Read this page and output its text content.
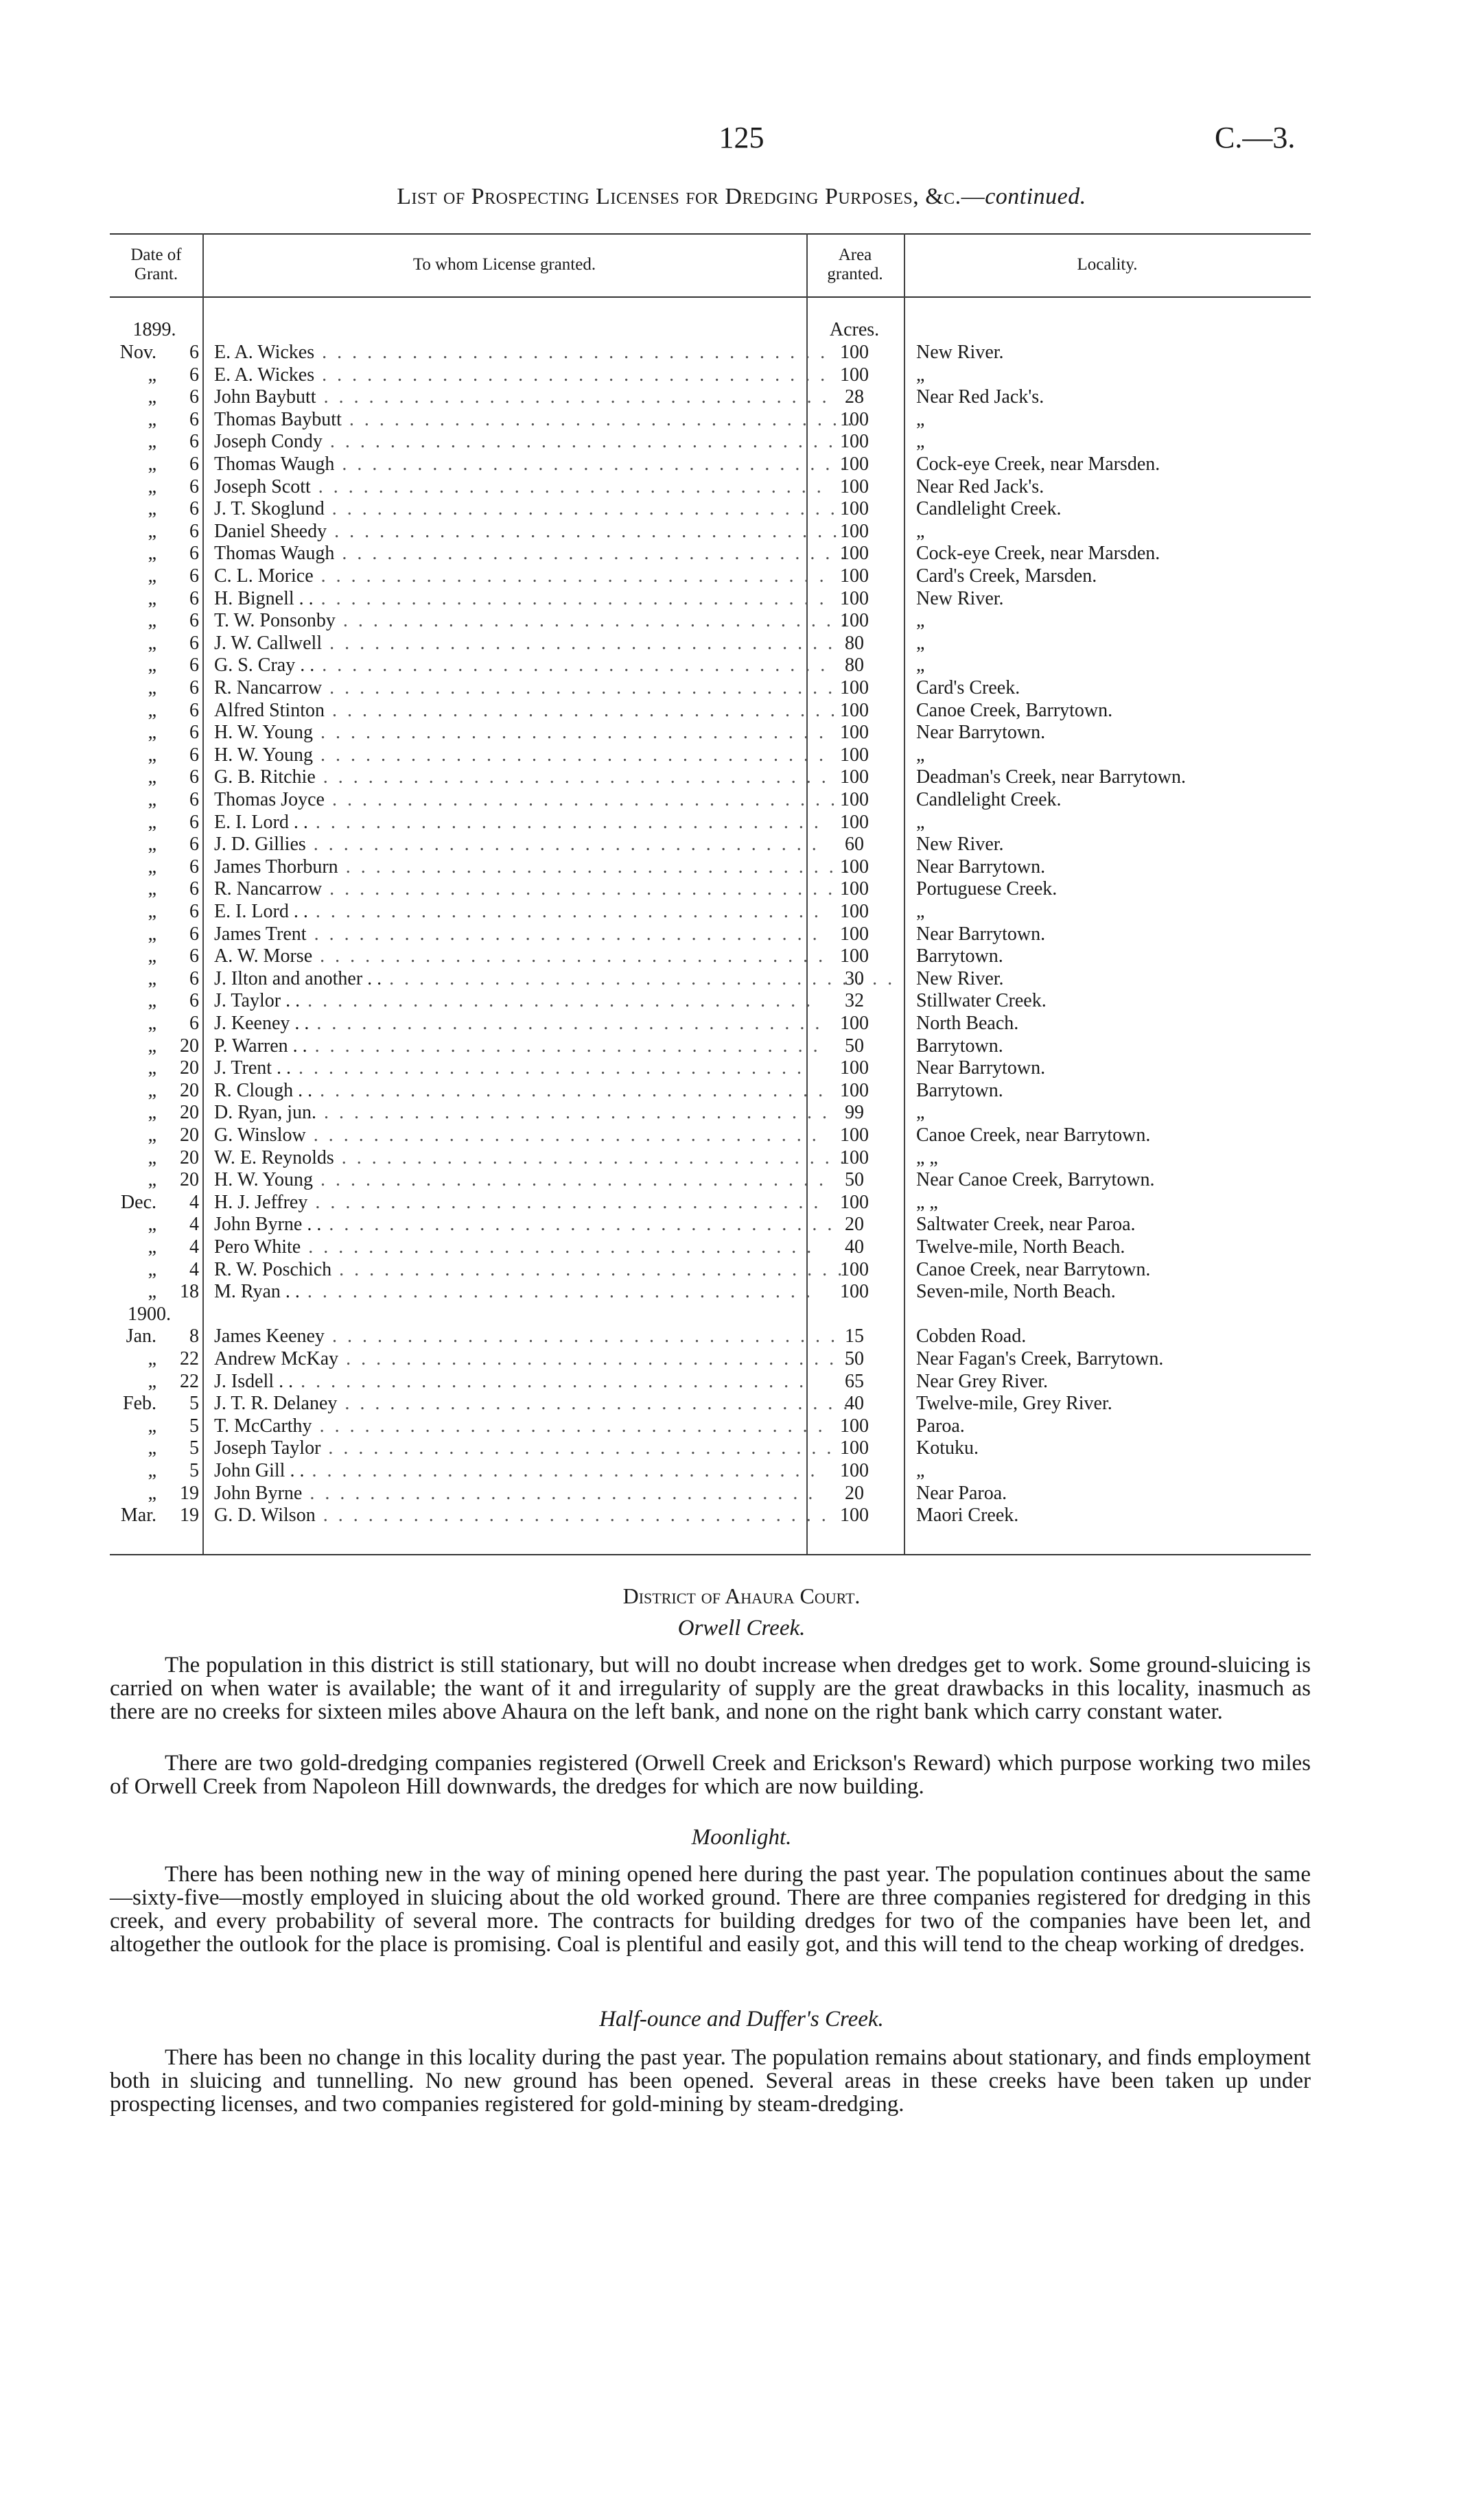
125	C.—3.
List of Prospecting Licenses for Dredging Purposes, &c.—continued.
Date of
Grant.
To whom License granted.
Area
granted.
Locality.
1899.	Acres.
Nov.	6 E. A. Wickes . .	100	New River.
„	6 E. A. Wickes . .	100	„
„	6 John Baybutt . .	28	Near Red Jack's.
„	6 Thomas Baybutt . .	100	„
„	6 Joseph Condy . .	100	„
„	6 Thomas Waugh . .	100	Cock-eye Creek, near Marsden.
„	6 Joseph Scott . .	100	Near Red Jack's.
„	6 J. T. Skoglund . .	100	Candlelight Creek.
„	6 Daniel Sheedy . .	100	„
„	6 Thomas Waugh . .	100	Cock-eye Creek, near Marsden.
„	6 C. L. Morice . .	100	Card's Creek, Marsden.
„	6 H. Bignell . . . .	100	New River.
„	6 T. W. Ponsonby . .	100	„
„	6 J. W. Callwell . .	80	„
„	6 G. S. Cray . . . .	80	„
„	6 R. Nancarrow . .	100	Card's Creek.
„	6 Alfred Stinton . .	100	Canoe Creek, Barrytown.
„	6 H. W. Young . .	100	Near Barrytown.
„	6 H. W. Young . .	100	„
„	6 G. B. Ritchie . .	100	Deadman's Creek, near Barrytown.
„	6 Thomas Joyce . .	100	Candlelight Creek.
„	6 E. I. Lord . . . .	100	„
„	6 J. D. Gillies . .	60	New River.
„	6 James Thorburn . .	100	Near Barrytown.
„	6 R. Nancarrow . .	100	Portuguese Creek.
„	6 E. I. Lord . . . .	100	„
„	6 James Trent . .	100	Near Barrytown.
„	6 A. W. Morse . .	100	Barrytown.
„	6 J. Ilton and another . . . .	30	New River.
„	6 J. Taylor . . . .	32	Stillwater Creek.
„	6 J. Keeney . . . .	100	North Beach.
„	20 P. Warren . . . .	50	Barrytown.
„	20 J. Trent . . . .	100	Near Barrytown.
„	20 R. Clough . . . .	100	Barrytown.
„	20 D. Ryan, jun. . .	99	„
„	20 G. Winslow . .	100	Canoe Creek, near Barrytown.
„	20 W. E. Reynolds . .	100	„ „
„	20 H. W. Young . .	50	Near Canoe Creek, Barrytown.
Dec.	4 H. J. Jeffrey . .	100	„ „
„	4 John Byrne . . . .	20	Saltwater Creek, near Paroa.
„	4 Pero White . .	40	Twelve-mile, North Beach.
„	4 R. W. Poschich . .	100	Canoe Creek, near Barrytown.
„	18 M. Ryan . . . .	100	Seven-mile, North Beach.
1900.
Jan.	8 James Keeney . .	15	Cobden Road.
„	22 Andrew McKay . .	50	Near Fagan's Creek, Barrytown.
„	22 J. Isdell . . . .	65	Near Grey River.
Feb.	5 J. T. R. Delaney . .	40	Twelve-mile, Grey River.
„	5 T. McCarthy . .	100	Paroa.
„	5 Joseph Taylor . .	100	Kotuku.
„	5 John Gill . . . .	100	„
„	19 John Byrne . .	20	Near Paroa.
Mar.	19 G. D. Wilson . .	100	Maori Creek.
District of Ahaura Court.
Orwell Creek.
The population in this district is still stationary, but will no doubt increase when dredges get to work. Some ground-sluicing is carried on when water is available; the want of it and irregularity of supply are the great drawbacks in this locality, inasmuch as there are no creeks for sixteen miles above Ahaura on the left bank, and none on the right bank which carry constant water.
There are two gold-dredging companies registered (Orwell Creek and Erickson's Reward) which purpose working two miles of Orwell Creek from Napoleon Hill downwards, the dredges for which are now building.
Moonlight.
There has been nothing new in the way of mining opened here during the past year. The population continues about the same—sixty-five—mostly employed in sluicing about the old worked ground. There are three companies registered for dredging in this creek, and every probability of several more. The contracts for building dredges for two of the companies have been let, and altogether the outlook for the place is promising. Coal is plentiful and easily got, and this will tend to the cheap working of dredges.
Half-ounce and Duffer's Creek.
There has been no change in this locality during the past year. The population remains about stationary, and finds employment both in sluicing and tunnelling. No new ground has been opened. Several areas in these creeks have been taken up under prospecting licenses, and two companies registered for gold-mining by steam-dredging.
